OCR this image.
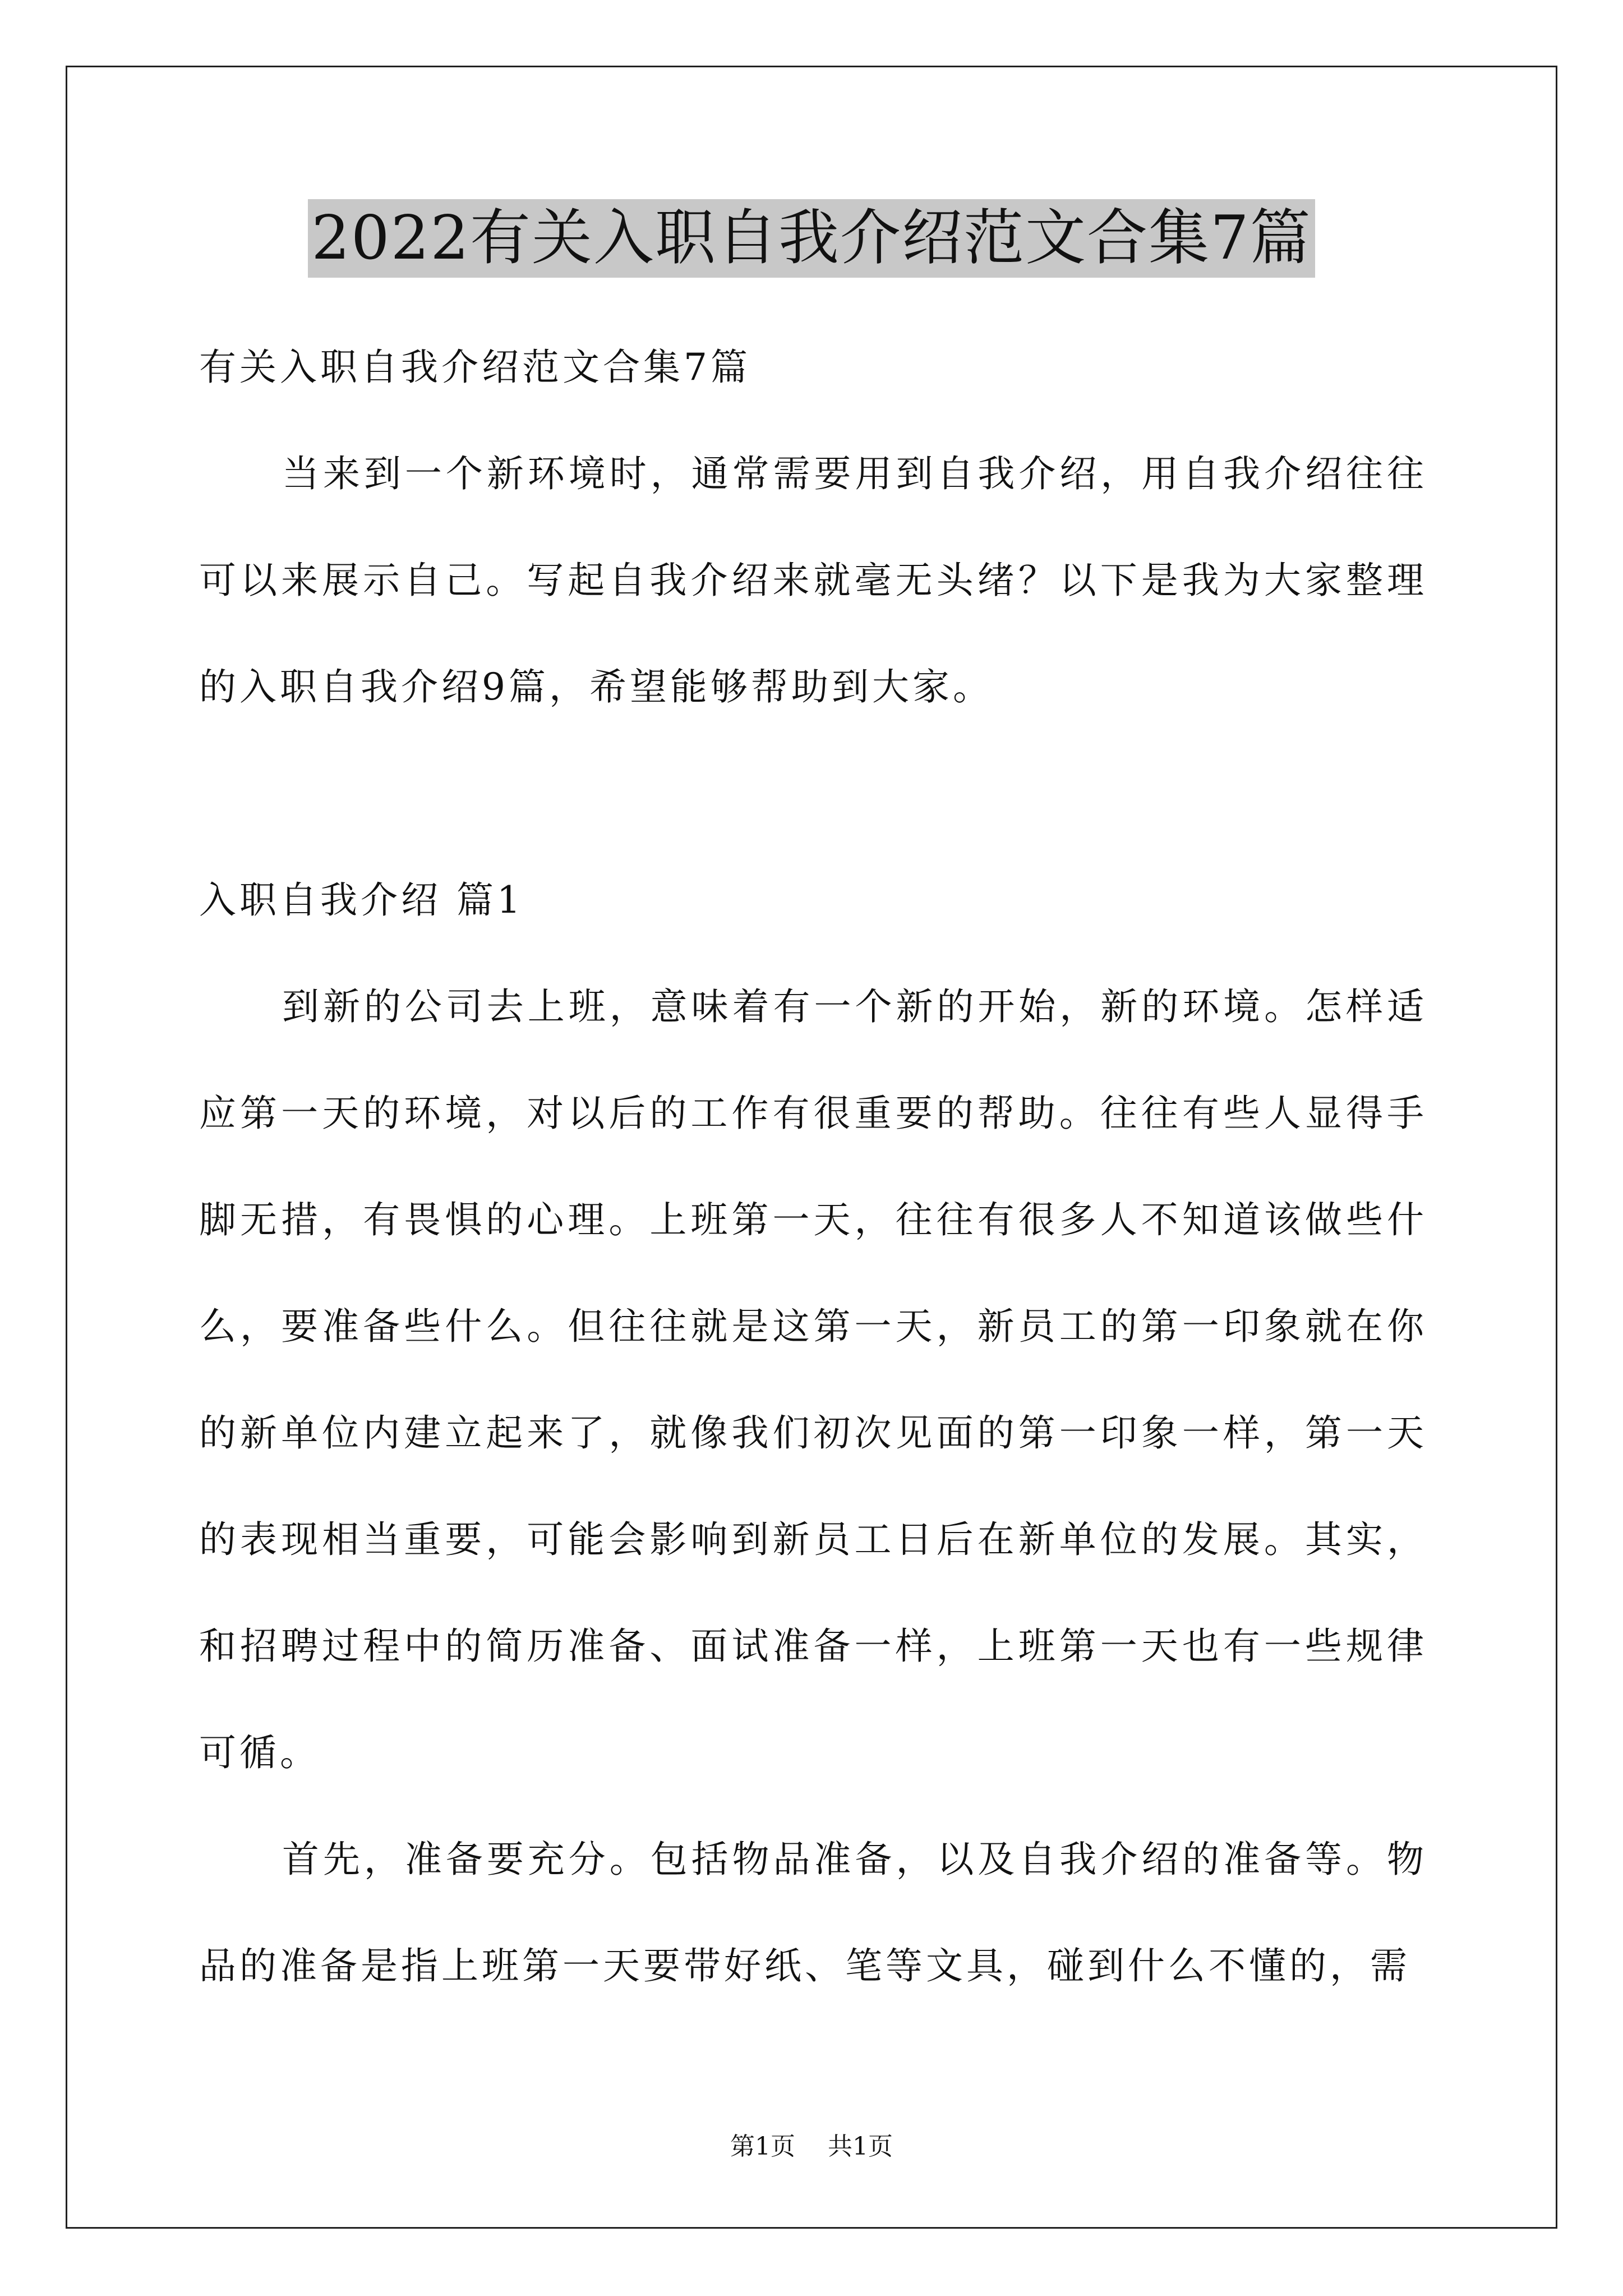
2022有关入职自我介绍范文合集7篇
有关入职自我介绍范文合集7篇

当来到一个新环境时，通常需要用到自我介绍，用自我介绍往往可以来展示自己。写起自我介绍来就毫无头绪？以下是我为大家整理的入职自我介绍9篇，希望能够帮助到大家。

入职自我介绍 篇1

到新的公司去上班，意味着有一个新的开始，新的环境。怎样适应第一天的环境，对以后的工作有很重要的帮助。往往有些人显得手脚无措，有畏惧的心理。上班第一天，往往有很多人不知道该做些什么，要准备些什么。但往往就是这第一天，新员工的第一印象就在你的新单位内建立起来了，就像我们初次见面的第一印象一样，第一天的表现相当重要，可能会影响到新员工日后在新单位的发展。其实，和招聘过程中的简历准备、面试准备一样，上班第一天也有一些规律可循。

首先，准备要充分。包括物品准备，以及自我介绍的准备等。物品的准备是指上班第一天要带好纸、笔等文具，碰到什么不懂的，需

第1页 共1页
